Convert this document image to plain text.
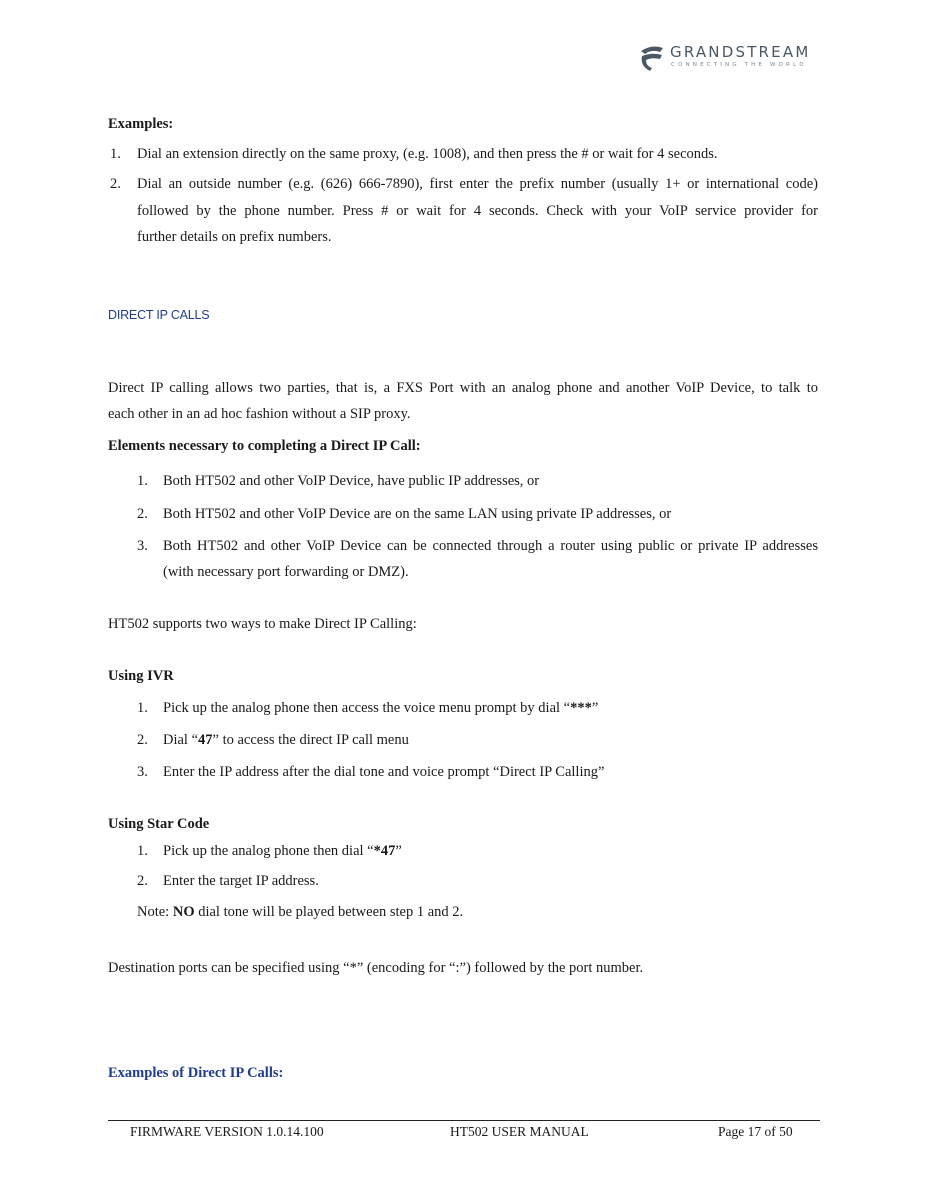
GRANDSTREAM
CONNECTING THE WORLD
Examples:
1. Dial an extension directly on the same proxy, (e.g. 1008), and then press the # or wait for 4 seconds.
2. Dial an outside number (e.g. (626) 666-7890), first enter the prefix number (usually 1+ or international code)
followed by the phone number. Press # or wait for 4 seconds. Check with your VoIP service provider for
further details on prefix numbers.
DIRECT IP CALLS
Direct IP calling allows two parties, that is, a FXS Port with an analog phone and another VoIP Device, to talk to
each other in an ad hoc fashion without a SIP proxy.
Elements necessary to completing a Direct IP Call:
1. Both HT502 and other VoIP Device, have public IP addresses, or
2. Both HT502 and other VoIP Device are on the same LAN using private IP addresses, or
3. Both HT502 and other VoIP Device can be connected through a router using public or private IP addresses
(with necessary port forwarding or DMZ).
HT502 supports two ways to make Direct IP Calling:
Using IVR
1. Pick up the analog phone then access the voice menu prompt by dial “***”
2. Dial “47” to access the direct IP call menu
3. Enter the IP address after the dial tone and voice prompt “Direct IP Calling”
Using Star Code
1. Pick up the analog phone then dial “*47”
2. Enter the target IP address.
Note: NO dial tone will be played between step 1 and 2.
Destination ports can be specified using “*” (encoding for “:”) followed by the port number.
Examples of Direct IP Calls:
FIRMWARE VERSION 1.0.14.100	HT502 USER MANUAL	Page 17 of 50
